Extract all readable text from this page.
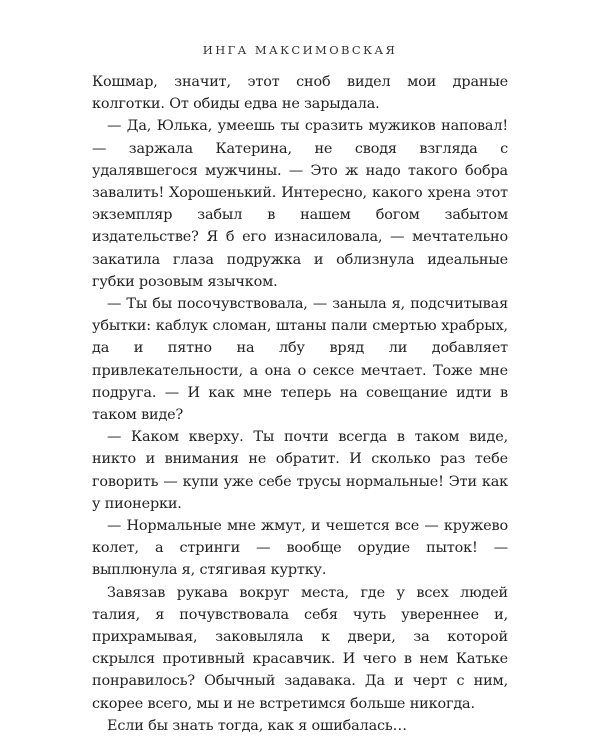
ИНГА МАКСИМОВСКАЯ

Кошмар, значит, этот сноб видел мои драные колготки. От обиды едва не зарыдала.

— Да, Юлька, умеешь ты сразить мужиков наповал! — заржала Катерина, не сводя взгляда с удалявшегося мужчины. — Это ж надо такого бобра завалить! Хорошенький. Интересно, какого хрена этот экземпляр забыл в нашем богом забытом издательстве? Я б его изнасиловала, — мечтательно закатила глаза подружка и облизнула идеальные губки розовым язычком.

— Ты бы посочувствовала, — заныла я, подсчитывая убытки: каблук сломан, штаны пали смертью храбрых, да и пятно на лбу вряд ли добавляет привлекательности, а она о сексе мечтает. Тоже мне подруга. — И как мне теперь на совещание идти в таком виде?

— Каком кверху. Ты почти всегда в таком виде, никто и внимания не обратит. И сколько раз тебе говорить — купи уже себе трусы нормальные! Эти как у пионерки.

— Нормальные мне жмут, и чешется все — кружево колет, а стринги — вообще орудие пыток! — выплюнула я, стягивая куртку.

Завязав рукава вокруг места, где у всех людей талия, я почувствовала себя чуть увереннее и, прихрамывая, заковыляла к двери, за которой скрылся противный красавчик. И чего в нем Катьке понравилось? Обычный задавака. Да и черт с ним, скорее всего, мы и не встретимся больше никогда.

Если бы знать тогда, как я ошибалась…
